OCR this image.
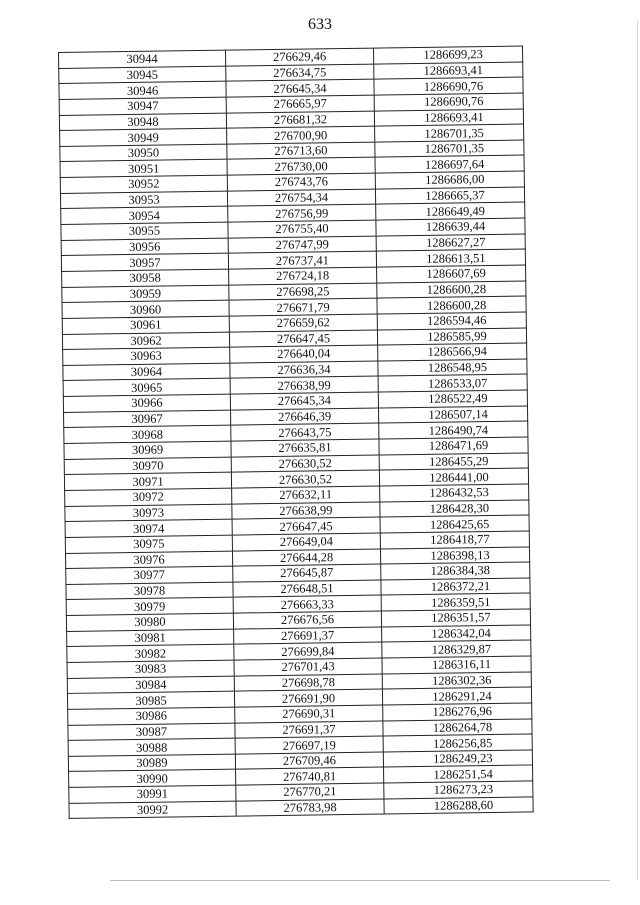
633
30944	276629,46	1286699,23
30945	276634,75	1286693,41
30946	276645,34	1286690,76
30947	276665,97	1286690,76
30948	276681,32	1286693,41
30949	276700,90	1286701,35
30950	276713,60	1286701,35
30951	276730,00	1286697,64
30952	276743,76	1286686,00
30953	276754,34	1286665,37
30954	276756,99	1286649,49
30955	276755,40	1286639,44
30956	276747,99	1286627,27
30957	276737,41	1286613,51
30958	276724,18	1286607,69
30959	276698,25	1286600,28
30960	276671,79	1286600,28
30961	276659,62	1286594,46
30962	276647,45	1286585,99
30963	276640,04	1286566,94
30964	276636,34	1286548,95
30965	276638,99	1286533,07
30966	276645,34	1286522,49
30967	276646,39	1286507,14
30968	276643,75	1286490,74
30969	276635,81	1286471,69
30970	276630,52	1286455,29
30971	276630,52	1286441,00
30972	276632,11	1286432,53
30973	276638,99	1286428,30
30974	276647,45	1286425,65
30975	276649,04	1286418,77
30976	276644,28	1286398,13
30977	276645,87	1286384,38
30978	276648,51	1286372,21
30979	276663,33	1286359,51
30980	276676,56	1286351,57
30981	276691,37	1286342,04
30982	276699,84	1286329,87
30983	276701,43	1286316,11
30984	276698,78	1286302,36
30985	276691,90	1286291,24
30986	276690,31	1286276,96
30987	276691,37	1286264,78
30988	276697,19	1286256,85
30989	276709,46	1286249,23
30990	276740,81	1286251,54
30991	276770,21	1286273,23
30992	276783,98	1286288,60
